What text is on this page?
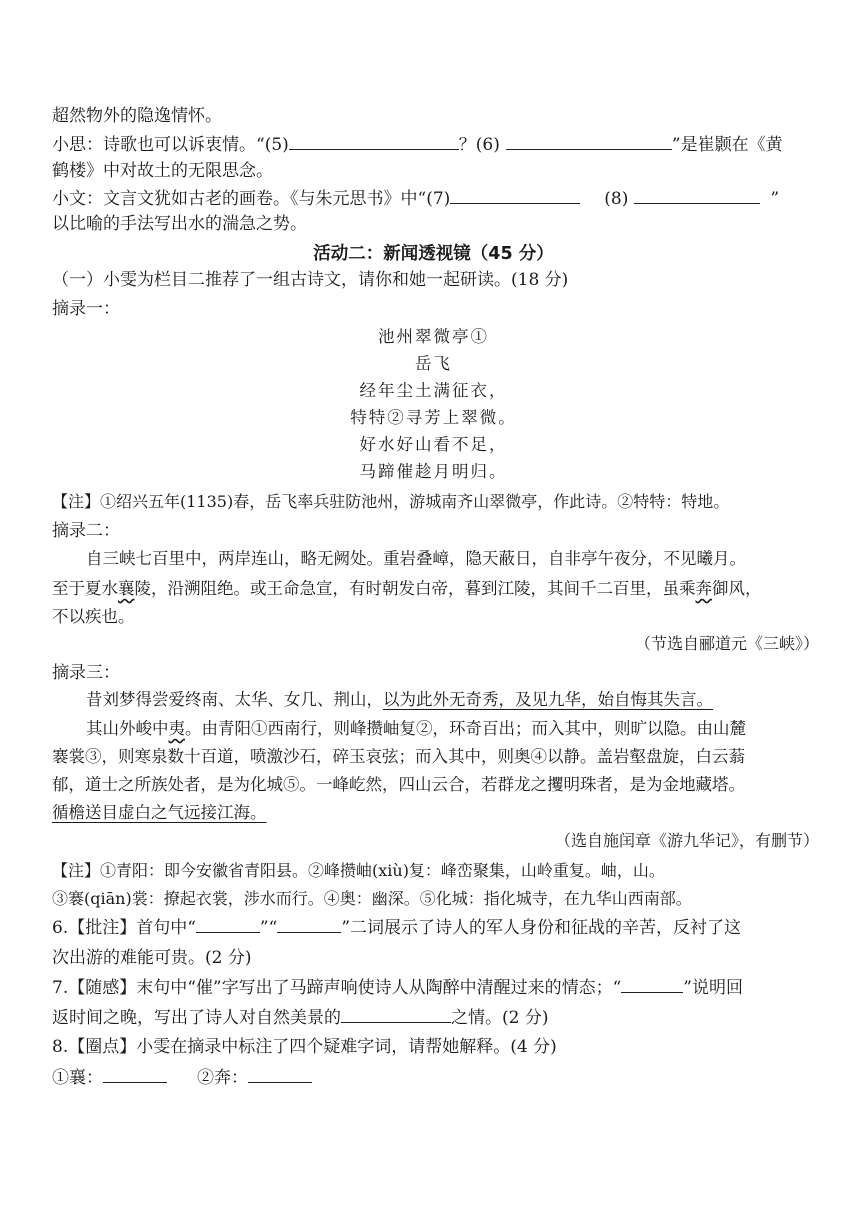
超然物外的隐逸情怀。
小思：诗歌也可以诉衷情。“(5)	？(6)	”是崔颢在《黄
鹤楼》中对故土的无限思念。
小文：文言文犹如古老的画卷。《与朱元思书》中“(7)	(8)	”
以比喻的手法写出水的湍急之势。
活动二：新闻透视镜（45 分）
（一）小雯为栏目二推荐了一组古诗文，请你和她一起研读。(18 分)
摘录一：
池州翠微亭①
岳飞
经年尘土满征衣，
特特②寻芳上翠微。
好水好山看不足，
马蹄催趁月明归。
【注】①绍兴五年(1135)春，岳飞率兵驻防池州，游城南齐山翠微亭，作此诗。②特特：特地。
摘录二：
自三峡七百里中，两岸连山，略无阙处。重岩叠嶂，隐天蔽日，自非亭午夜分，不见曦月。
至于夏水襄陵，沿溯阻绝。或王命急宣，有时朝发白帝，暮到江陵，其间千二百里，虽乘奔御风，
不以疾也。
（节选自郦道元《三峡》）
摘录三：
昔刘梦得尝爱终南、太华、女几、荆山，以为此外无奇秀，及见九华，始自悔其失言。
其山外峻中夷。由青阳①西南行，则峰攒岫复②，环奇百出；而入其中，则旷以隐。由山麓
褰裳③，则寒泉数十百道，喷激沙石，碎玉哀弦；而入其中，则奥④以静。盖岩壑盘旋，白云蓊
郁，道士之所族处者，是为化城⑤。一峰屹然，四山云合，若群龙之攫明珠者，是为金地藏塔。
循檐送目虚白之气远接江海。
（选自施闰章《游九华记》，有删节）
【注】①青阳：即今安徽省青阳县。②峰攒岫(xiù)复：峰峦聚集，山岭重复。岫，山。
③褰(qiān)裳：撩起衣裳，涉水而行。④奥：幽深。⑤化城：指化城寺，在九华山西南部。
6.【批注】首句中“	”“	”二词展示了诗人的军人身份和征战的辛苦，反衬了这
次出游的难能可贵。(2 分)
7.【随感】末句中“催”字写出了马蹄声响使诗人从陶醉中清醒过来的情态；“	”说明回
返时间之晚，写出了诗人对自然美景的	之情。(2 分)
8.【圈点】小雯在摘录中标注了四个疑难字词，请帮她解释。(4 分)
①襄：	②奔：
